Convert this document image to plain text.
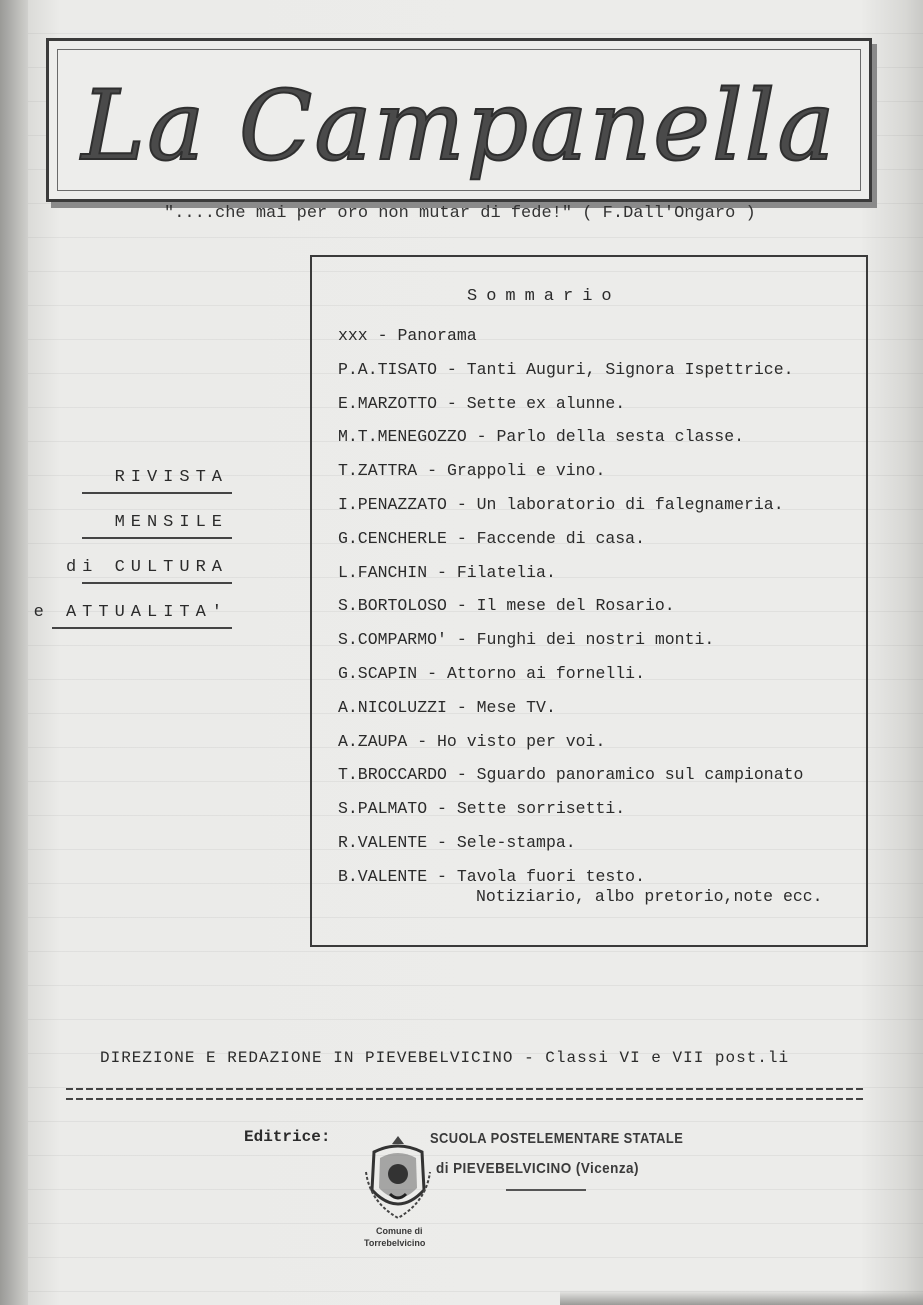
La Campanella
"....che mai per oro non mutar di fede!" ( F.Dall'Ongaro )
RIVISTA
MENSILE
di CULTURA
e ATTUALITA'
Sommario
xxx - Panorama
P.A.TISATO - Tanti Auguri, Signora Ispettrice.
E.MARZOTTO - Sette ex alunne.
M.T.MENEGOZZO - Parlo della sesta classe.
T.ZATTRA - Grappoli e vino.
I.PENAZZATO - Un laboratorio di falegnameria.
G.CENCHERLE - Faccende di casa.
L.FANCHIN - Filatelia.
S.BORTOLOSO - Il mese del Rosario.
S.COMPARMO' - Funghi dei nostri monti.
G.SCAPIN - Attorno ai fornelli.
A.NICOLUZZI - Mese TV.
A.ZAUPA - Ho visto per voi.
T.BROCCARDO - Sguardo panoramico sul campionato
S.PALMATO - Sette sorrisetti.
R.VALENTE - Sele-stampa.
B.VALENTE - Tavola fuori testo.
Notiziario, albo pretorio,note ecc.
DIREZIONE E REDAZIONE IN PIEVEBELVICINO - Classi VI e VII post.li
Editrice:	SCUOLA POSTELEMENTARE STATALE
di PIEVEBELVICINO (Vicenza)
Comune di
Torrebelvicino
